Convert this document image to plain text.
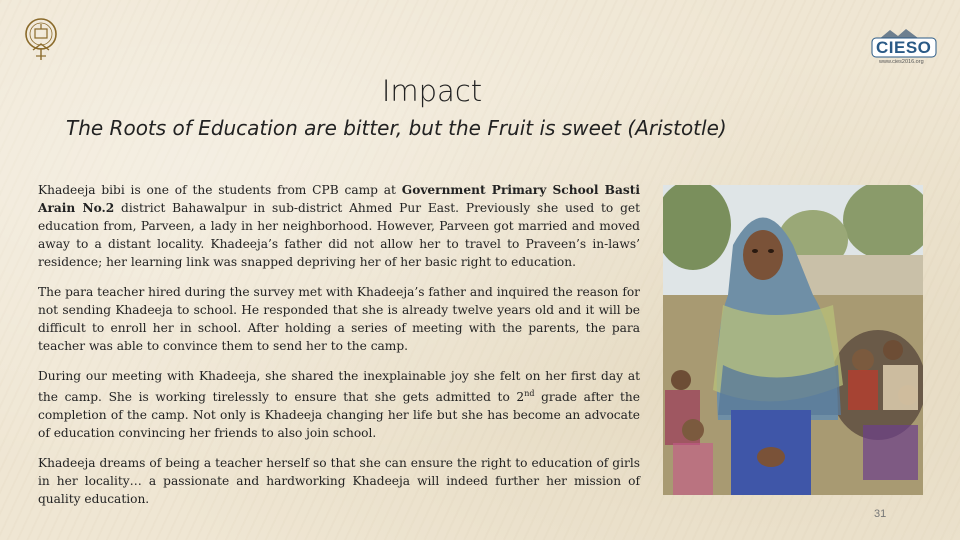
CIESO
www.cies2016.org
Impact
The Roots of Education are bitter, but the Fruit is sweet (Aristotle)

Khadeeja bibi is one of the students from CPB camp at Government Primary School Basti Arain No.2 district Bahawalpur in sub-district Ahmed Pur East. Previously she used to get education from, Parveen, a lady in her neighborhood. However, Parveen got married and moved away to a distant locality. Khadeeja’s father did not allow her to travel to Praveen’s in-laws’ residence; her learning link was snapped depriving her of her basic right to education.

The para teacher hired during the survey met with Khadeeja’s father and inquired the reason for not sending Khadeeja to school. He responded that she is already twelve years old and it will be difficult to enroll her in school. After holding a series of meeting with the parents, the para teacher was able to convince them to send her to the camp.

During our meeting with Khadeeja, she shared the inexplainable joy she felt on her first day at the camp. She is working tirelessly to ensure that she gets admitted to 2nd grade after the completion of the camp. Not only is Khadeeja changing her life but she has become an advocate of education convincing her friends to also join school.

Khadeeja dreams of being a teacher herself so that she can ensure the right to education of girls in her locality… a passionate and hardworking Khadeeja will indeed further her mission of quality education.

31
